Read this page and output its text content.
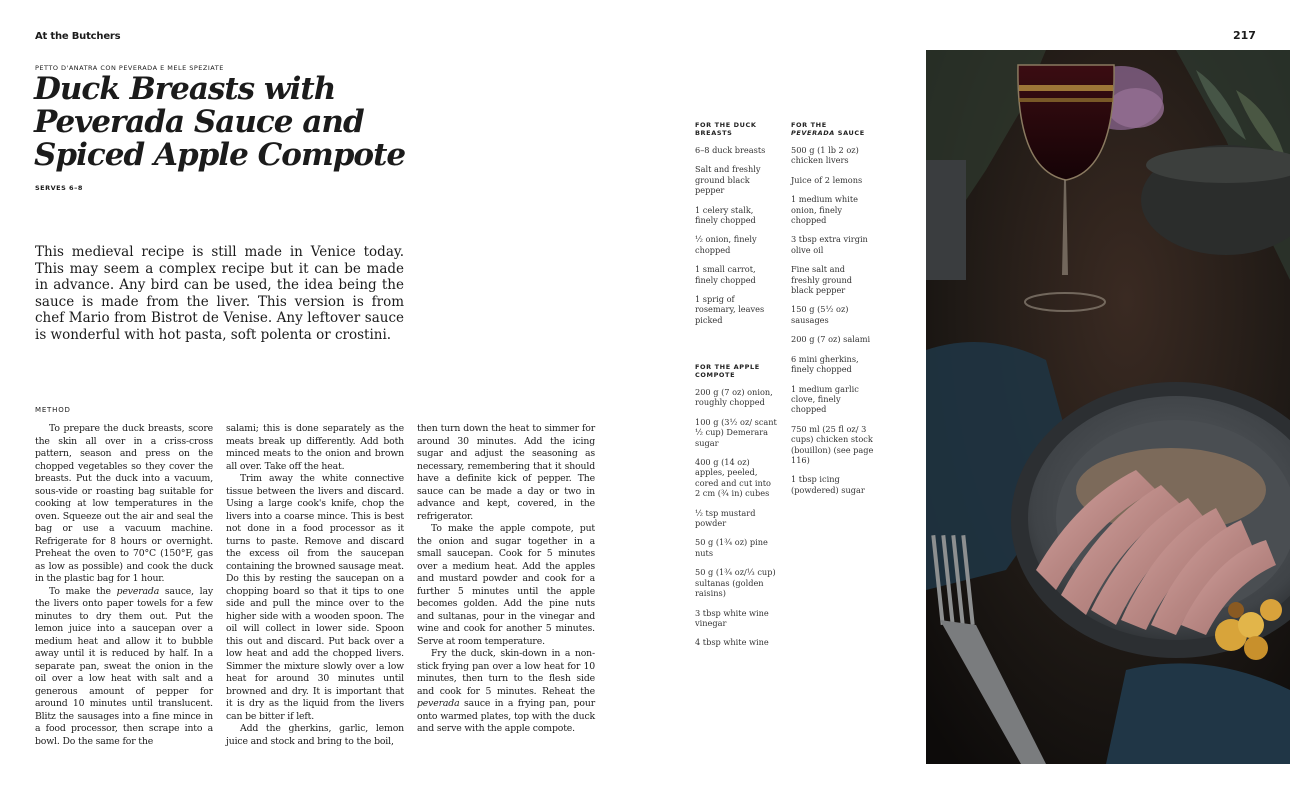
At the Butchers	217
PETTO D'ANATRA CON PEVERADA E MELE SPEZIATE
Duck Breasts with Peverada Sauce and Spiced Apple Compote
SERVES 6–8

This medieval recipe is still made in Venice today. This may seem a complex recipe but it can be made in advance. Any bird can be used, the idea being the sauce is made from the liver. This version is from chef Mario from Bistrot de Venise. Any leftover sauce is wonderful with hot pasta, soft polenta or crostini.

METHOD

To prepare the duck breasts, score the skin all over in a criss-cross pattern, season and press on the chopped vegetables so they cover the breasts. Put the duck into a vacuum, sous-vide or roasting bag suitable for cooking at low temperatures in the oven. Squeeze out the air and seal the bag or use a vacuum machine. Refrigerate for 8 hours or overnight. Preheat the oven to 70°C (150°F, gas as low as possible) and cook the duck in the plastic bag for 1 hour.

To make the peverada sauce, lay the livers onto paper towels for a few minutes to dry them out. Put the lemon juice into a saucepan over a medium heat and allow it to bubble away until it is reduced by half. In a separate pan, sweat the onion in the oil over a low heat with salt and a generous amount of pepper for around 10 minutes until translucent. Blitz the sausages into a fine mince in a food processor, then scrape into a bowl. Do the same for the

salami; this is done separately as the meats break up differently. Add both minced meats to the onion and brown all over. Take off the heat.

Trim away the white connective tissue between the livers and discard. Using a large cook's knife, chop the livers into a coarse mince. This is best not done in a food processor as it turns to paste. Remove and discard the excess oil from the saucepan containing the browned sausage meat. Do this by resting the saucepan on a chopping board so that it tips to one side and pull the mince over to the higher side with a wooden spoon. The oil will collect in lower side. Spoon this out and discard. Put back over a low heat and add the chopped livers. Simmer the mixture slowly over a low heat for around 30 minutes until browned and dry. It is important that it is dry as the liquid from the livers can be bitter if left.

Add the gherkins, garlic, lemon juice and stock and bring to the boil,

then turn down the heat to simmer for around 30 minutes. Add the icing sugar and adjust the seasoning as necessary, remembering that it should have a definite kick of pepper. The sauce can be made a day or two in advance and kept, covered, in the refrigerator.

To make the apple compote, put the onion and sugar together in a small saucepan. Cook for 5 minutes over a medium heat. Add the apples and mustard powder and cook for a further 5 minutes until the apple becomes golden. Add the pine nuts and sultanas, pour in the vinegar and wine and cook for another 5 minutes. Serve at room temperature.

Fry the duck, skin-down in a non-stick frying pan over a low heat for 10 minutes, then turn to the flesh side and cook for 5 minutes. Reheat the peverada sauce in a frying pan, pour onto warmed plates, top with the duck and serve with the apple compote.

FOR THE DUCK
BREASTS
6–8 duck breasts
Salt and freshly ground black pepper
1 celery stalk, finely chopped
½ onion, finely chopped
1 small carrot, finely chopped
1 sprig of rosemary, leaves picked
FOR THE APPLE
COMPOTE
200 g (7 oz) onion, roughly chopped
100 g (3½ oz/ scant ½ cup) Demerara sugar
400 g (14 oz) apples, peeled, cored and cut into 2 cm (¾ in) cubes
½ tsp mustard powder
50 g (1¾ oz) pine nuts
50 g (1¾ oz/⅓ cup) sultanas (golden raisins)
3 tbsp white wine vinegar
4 tbsp white wine
FOR THE
PEVERADA SAUCE
500 g (1 lb 2 oz) chicken livers
Juice of 2 lemons
1 medium white onion, finely chopped
3 tbsp extra virgin olive oil
Fine salt and freshly ground black pepper
150 g (5½ oz) sausages
200 g (7 oz) salami
6 mini gherkins, finely chopped
1 medium garlic clove, finely chopped
750 ml (25 fl oz/ 3 cups) chicken stock (bouillon) (see page 116)
1 tbsp icing (powdered) sugar
